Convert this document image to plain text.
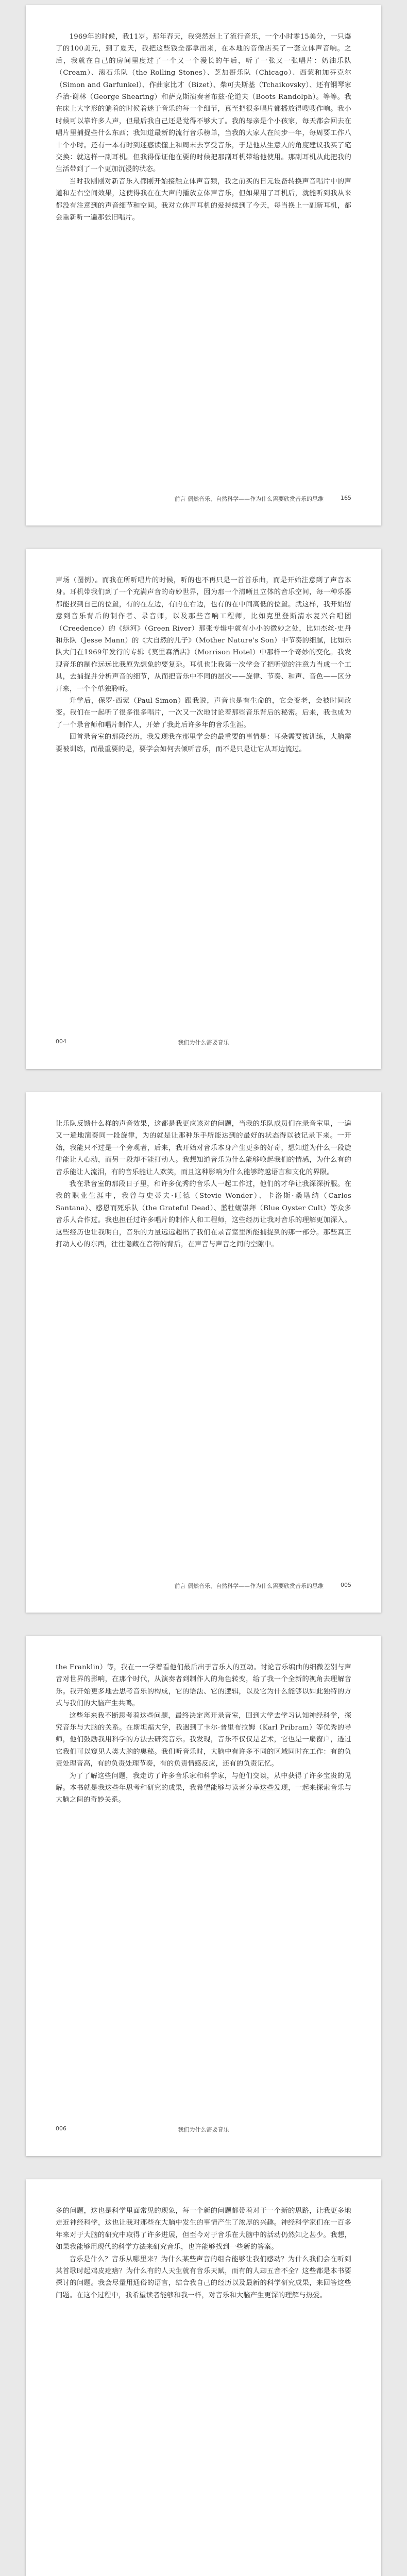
1969年的时候，我11岁。那年春天，我突然迷上了流行音乐，一个小时零15美分，一只爆了的100美元，到了夏天，我把这些钱全都拿出来，在本地的音像店买了一套立体声音响。之后，我就在自己的房间里度过了一个又一个漫长的午后，听了一张又一张唱片：奶油乐队（Cream）、滚石乐队（the Rolling Stones）、芝加哥乐队（Chicago）、西蒙和加芬克尔（Simon and Garfunkel）、作曲家比才（Bizet）、柴可夫斯基（Tchaikovsky）、还有钢琴家乔治·谢林（George Shearing）和萨克斯演奏者布兹·伦道夫（Boots Randolph）。等等。我在床上大字形的躺着的时候着迷于音乐的每一个细节，真至把很多唱片都播放得嗖嗖作响。我小时候可以靠许多人声，但最后我自己还是觉得不够大了。我的母亲是个小孩家，每天都会回去在唱片里捕捉些什么东西；我知道最新的流行音乐榜单，当我的大家人在阔步一年，每周要工作八十个小时。还有一本有时到迷惑读懂上和周末去享受音乐，于是他从生意人的角度建议我买了笔交换：就这样一副耳机。但我得保证他在要的时候把那副耳机带给他使用。那副耳机从此把我的生活带到了一个更加沉浸的状态。

当时我刚刚对新音乐入都刚开始接触立体声音频，我之前买的日元设备转换声音唱片中的声道和左右空间效果，这使得我在在大声的播放立体声音乐，但如果用了耳机后，就能听到我从来都没有注意到的声音细节和空间。我对立体声耳机的爱持续到了今天，每当换上一副新耳机，都会重新听一遍那张旧唱片。

前言 偶然音乐、自然科学——作为什么需要欣赏音乐的思维	165

声场（图例）。而我在所听唱片的时候，听的也不再只是一首首乐曲，而是开始注意到了声音本身。耳机带我们到了一个充满声音的奇妙世界，因为那一个清晰且立体的音乐空间，每一种乐器都能找到自己的位置，有的在左边，有的在右边，也有的在中间高低的位置。就这样，我开始留意到音乐背后的制作者、录音师，以及那些音响工程师，比如克里登斯清水复兴合唱团（Creedence）的《绿河》（Green River）那张专辑中就有小小的微妙之处，比如杰丝·史丹和乐队（Jesse Mann）的《大自然的儿子》（Mother Nature's Son）中节奏的细腻，比如乐队大门在1969年发行的专辑《莫里森酒店》（Morrison Hotel）中那样一个奇妙的变化。我发现音乐的制作远远比我原先想象的要复杂。耳机也让我第一次学会了把听觉的注意力当成一个工具，去捕捉并分析声音的细节，从而把音乐中不同的层次——旋律、节奏、和声、音色——区分开来，一个个单独聆听。

升学后，保罗·西蒙（Paul Simon）跟我说，声音也是有生命的，它会变老，会被时间改变。我们在一起听了很多很多唱片，一次又一次地讨论着那些音乐背后的秘密。后来，我也成为了一个录音师和唱片制作人，开始了我此后许多年的音乐生涯。

回首录音室的那段经历，我发现我在那里学会的最重要的事情是：耳朵需要被训练，大脑需要被训练，而最重要的是，要学会如何去倾听音乐，而不是只是让它从耳边流过。

004	我们为什么需要音乐

让乐队反馈什么样的声音效果，这都是我更应该对的问题，当我的乐队成员们在录音室里，一遍又一遍地演奏同一段旋律，为的就是让那种乐手所能达到的最好的状态得以被记录下来。一开始，我能只不过是一个旁观者，后来，我开始对音乐本身产生更多的好奇，想知道为什么一段旋律能让人心动，而另一段却不能打动人。我想知道音乐为什么能够唤起我们的情感，为什么有的音乐能让人流泪，有的音乐能让人欢笑，而且这种影响为什么能够跨越语言和文化的界限。

我在录音室的那段日子里，和许多优秀的音乐人一起工作过，他们的才华让我深深折服。在我的职业生涯中，我曾与史蒂夫·旺德（Stevie Wonder）、卡洛斯·桑塔纳（Carlos Santana）、感恩而死乐队（the Grateful Dead）、蓝牡蛎崇拜（Blue Oyster Cult）等众多音乐人合作过。我也担任过许多唱片的制作人和工程师，这些经历让我对音乐的理解更加深入。这些经历也让我明白，音乐的力量远远超出了我们在录音室里所能捕捉到的那一部分。那些真正打动人心的东西，往往隐藏在音符的背后，在声音与声音之间的空隙中。

前言 偶然音乐、自然科学——作为什么需要欣赏音乐的思维	005

the Franklin）等，我在一一学着看他们最后出于音乐人的互动。讨论音乐编曲的细微差别与声音对世界的影响，在那个时代，从演奏者到制作人的角色转变，给了我一个全新的视角去理解音乐。我开始更多地去思考音乐的构成，它的语法、它的逻辑，以及它为什么能够以如此独特的方式与我们的大脑产生共鸣。

这些年来我不断思考着这些问题，最终决定离开录音室，回到大学去学习认知神经科学，探究音乐与大脑的关系。在斯坦福大学，我遇到了卡尔·普里布拉姆（Karl Pribram）等优秀的导师，他们鼓励我用科学的方法去研究音乐。我发现，音乐不仅仅是艺术，它也是一扇窗户，透过它我们可以窥见人类大脑的奥秘。我们听音乐时，大脑中有许多不同的区域同时在工作：有的负责处理音高，有的负责处理节奏，有的负责情感反应，还有的负责记忆。

为了了解这些问题，我走访了许多音乐家和科学家，与他们交谈，从中获得了许多宝贵的见解。本书就是我这些年思考和研究的成果，我希望能够与读者分享这些发现，一起来探索音乐与大脑之间的奇妙关系。

006	我们为什么需要音乐

多的问题，这也是科学里面常见的现象，每一个新的问题都带着对于一个新的思路，让我更多地走近神经科学，这也让我对那些在大脑中发生的事情产生了浓厚的兴趣。神经科学家们在一百多年来对于大脑的研究中取得了许多进展，但至今对于音乐在大脑中的活动仍然知之甚少。我想，如果我能够用现代的科学方法来研究音乐，也许能够找到一些新的答案。

音乐是什么？音乐从哪里来？为什么某些声音的组合能够让我们感动？为什么我们会在听到某首歌时起鸡皮疙瘩？为什么有的人天生就有音乐天赋，而有的人却五音不全？这些都是本书要探讨的问题。我会尽量用通俗的语言，结合我自己的经历以及最新的科学研究成果，来回答这些问题。在这个过程中，我希望读者能够和我一样，对音乐和大脑产生更深的理解与热爱。
